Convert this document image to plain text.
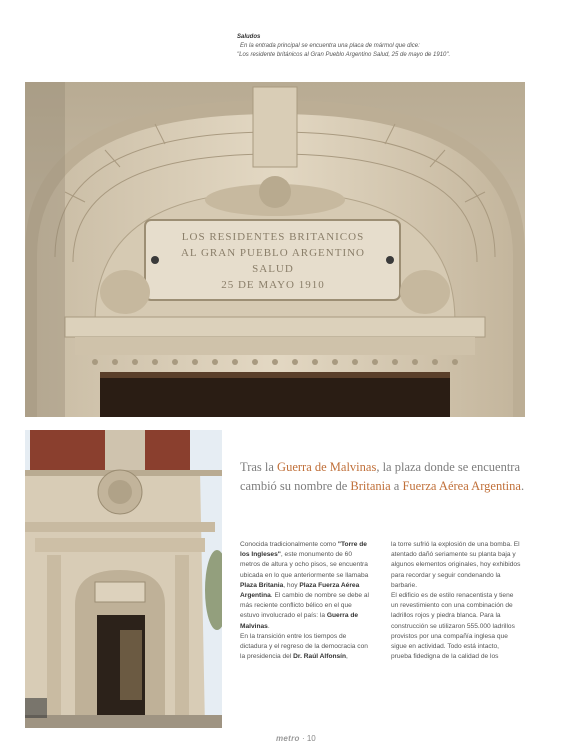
Saludos

En la entrada principal se encuentra una placa de mármol que dice:
"Los residente británicos al Gran Pueblo Argentino Salud, 25 de mayo de 1910".
LOS RESIDENTES BRITANICOS
AL GRAN PUEBLO ARGENTINO
SALUD
25 DE MAYO 1910
Tras la Guerra de Malvinas, la plaza donde se encuentra cambió su nombre de Britania a Fuerza Aérea Argentina.

Conocida tradicionalmente como "Torre de los Ingleses", este monumento de 60 metros de altura y ocho pisos, se encuentra ubicada en lo que anteriormente se llamaba Plaza Britania, hoy Plaza Fuerza Aérea Argentina. El cambio de nombre se debe al más reciente conflicto bélico en el que estuvo involucrado el país: la Guerra de Malvinas.

En la transición entre los tiempos de dictadura y el regreso de la democracia con la presidencia del Dr. Raúl Alfonsín,

la torre sufrió la explosión de una bomba. El atentado dañó seriamente su planta baja y algunos elementos originales, hoy exhibidos para recordar y seguir condenando la barbarie.

El edificio es de estilo renacentista y tiene un revestimiento con una combinación de ladrillos rojos y piedra blanca. Para la construcción se utilizaron 555.000 ladrillos provistos por una compañía inglesa que sigue en actividad. Todo está intacto, prueba fidedigna de la calidad de los

metro · 10
